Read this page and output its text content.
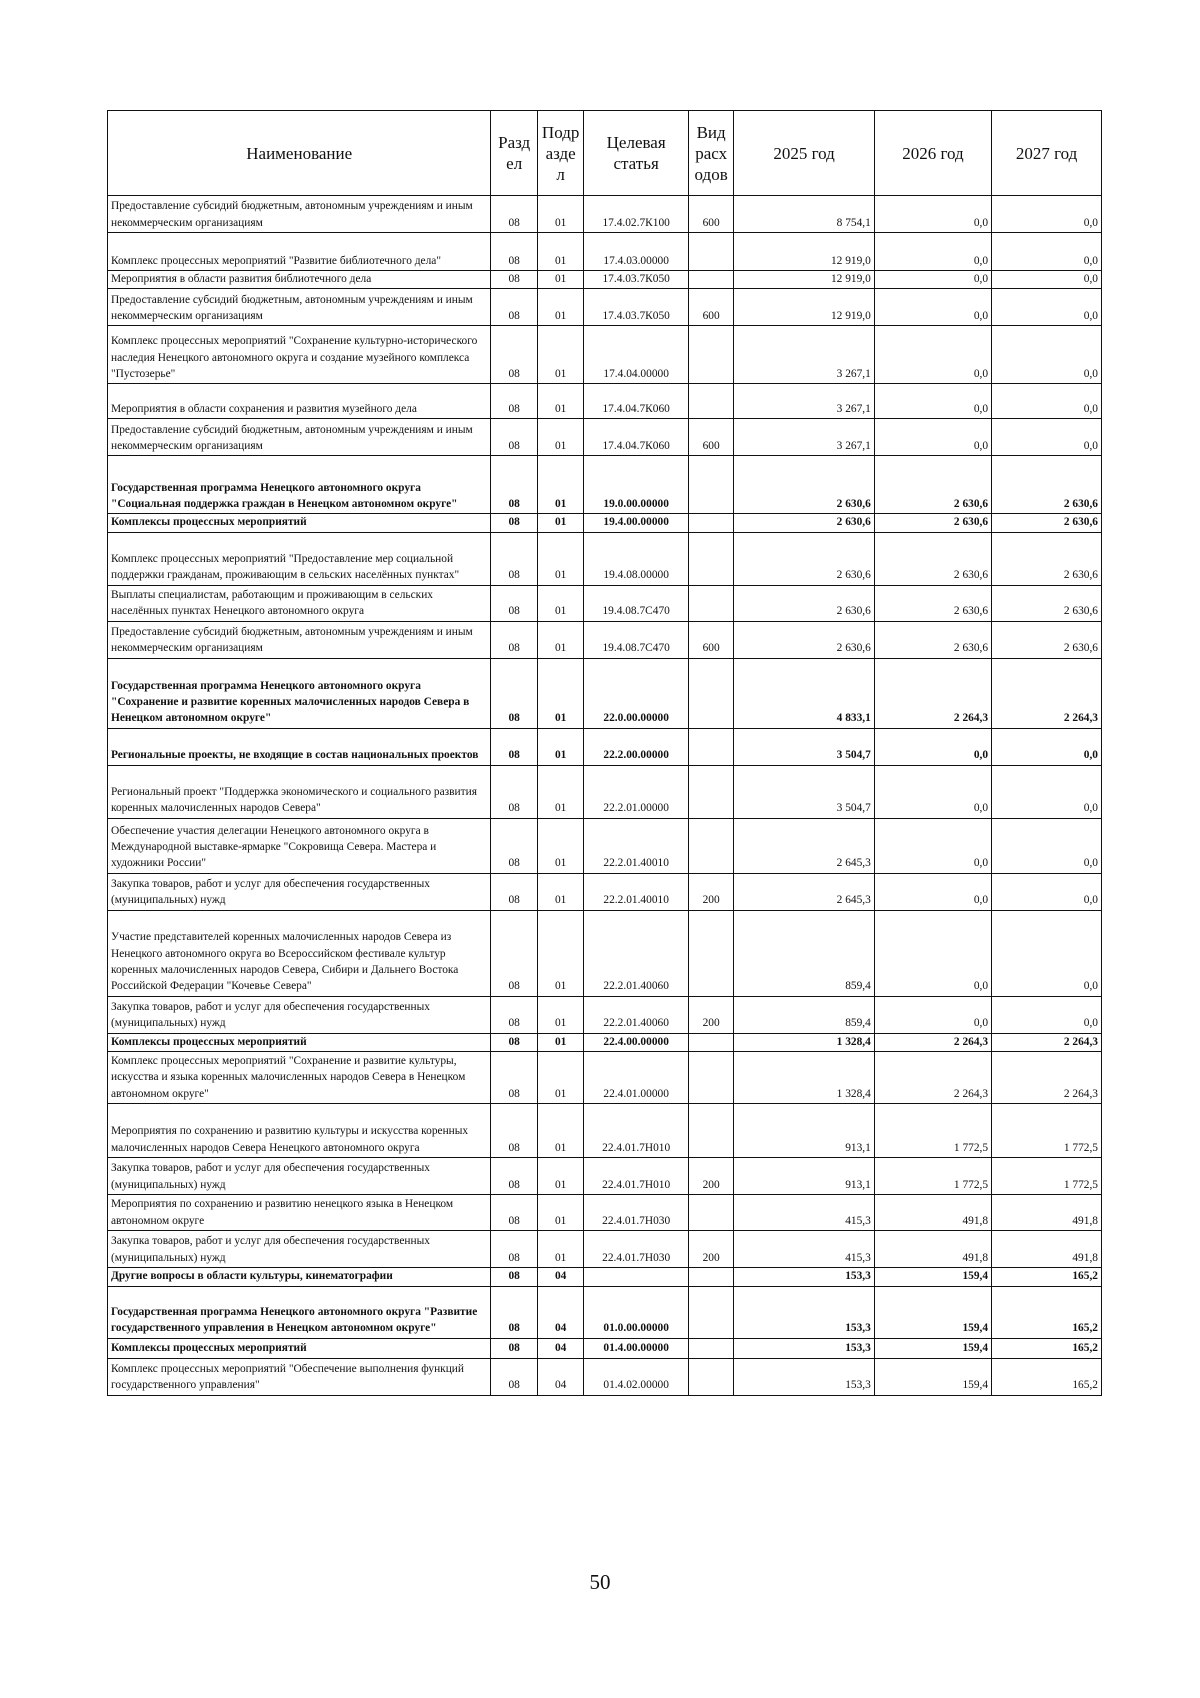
Наименование	Разд ел	Подр азде л	Целевая статья	Вид расх одов	2025 год	2026 год	2027 год
Предоставление субсидий бюджетным, автономным учреждениям и иным некоммерческим организациям	08	01	17.4.02.7К100	600	8 754,1	0,0	0,0
Комплекс процессных мероприятий "Развитие библиотечного дела"	08	01	17.4.03.00000		12 919,0	0,0	0,0
Мероприятия в области развития библиотечного дела	08	01	17.4.03.7К050		12 919,0	0,0	0,0
Предоставление субсидий бюджетным, автономным учреждениям и иным некоммерческим организациям	08	01	17.4.03.7К050	600	12 919,0	0,0	0,0
Комплекс процессных мероприятий "Сохранение культурно-исторического наследия Ненецкого автономного округа и создание музейного комплекса "Пустозерье"	08	01	17.4.04.00000		3 267,1	0,0	0,0
Мероприятия в области сохранения и развития музейного дела	08	01	17.4.04.7К060		3 267,1	0,0	0,0
Предоставление субсидий бюджетным, автономным учреждениям и иным некоммерческим организациям	08	01	17.4.04.7К060	600	3 267,1	0,0	0,0
Государственная программа Ненецкого автономного округа "Социальная поддержка граждан в Ненецком автономном округе"	08	01	19.0.00.00000		2 630,6	2 630,6	2 630,6
Комплексы процессных мероприятий	08	01	19.4.00.00000		2 630,6	2 630,6	2 630,6
Комплекс процессных мероприятий "Предоставление мер социальной поддержки гражданам, проживающим в сельских населённых пунктах"	08	01	19.4.08.00000		2 630,6	2 630,6	2 630,6
Выплаты специалистам, работающим и проживающим в сельских населённых пунктах Ненецкого автономного округа	08	01	19.4.08.7С470		2 630,6	2 630,6	2 630,6
Предоставление субсидий бюджетным, автономным учреждениям и иным некоммерческим организациям	08	01	19.4.08.7С470	600	2 630,6	2 630,6	2 630,6
Государственная программа Ненецкого автономного округа "Сохранение и развитие коренных малочисленных народов Севера в Ненецком автономном округе"	08	01	22.0.00.00000		4 833,1	2 264,3	2 264,3
Региональные проекты, не входящие в состав национальных проектов	08	01	22.2.00.00000		3 504,7	0,0	0,0
Региональный проект "Поддержка экономического и социального развития коренных малочисленных народов Севера"	08	01	22.2.01.00000		3 504,7	0,0	0,0
Обеспечение участия делегации Ненецкого автономного округа в Международной выставке-ярмарке "Сокровища Севера. Мастера и художники России"	08	01	22.2.01.40010		2 645,3	0,0	0,0
Закупка товаров, работ и услуг для обеспечения государственных (муниципальных) нужд	08	01	22.2.01.40010	200	2 645,3	0,0	0,0
Участие представителей коренных малочисленных народов Севера из Ненецкого автономного округа во Всероссийском фестивале культур коренных малочисленных народов Севера, Сибири и Дальнего Востока Российской Федерации "Кочевье Севера"	08	01	22.2.01.40060		859,4	0,0	0,0
Закупка товаров, работ и услуг для обеспечения государственных (муниципальных) нужд	08	01	22.2.01.40060	200	859,4	0,0	0,0
Комплексы процессных мероприятий	08	01	22.4.00.00000		1 328,4	2 264,3	2 264,3
Комплекс процессных мероприятий "Сохранение и развитие культуры, искусства и языка коренных малочисленных народов Севера в Ненецком автономном округе"	08	01	22.4.01.00000		1 328,4	2 264,3	2 264,3
Мероприятия по сохранению и развитию культуры и искусства коренных малочисленных народов Севера Ненецкого автономного округа	08	01	22.4.01.7Н010		913,1	1 772,5	1 772,5
Закупка товаров, работ и услуг для обеспечения государственных (муниципальных) нужд	08	01	22.4.01.7Н010	200	913,1	1 772,5	1 772,5
Мероприятия по сохранению и развитию ненецкого языка в Ненецком автономном округе	08	01	22.4.01.7Н030		415,3	491,8	491,8
Закупка товаров, работ и услуг для обеспечения государственных (муниципальных) нужд	08	01	22.4.01.7Н030	200	415,3	491,8	491,8
Другие вопросы в области культуры, кинематографии	08	04			153,3	159,4	165,2
Государственная программа Ненецкого автономного округа "Развитие государственного управления в Ненецком автономном округе"	08	04	01.0.00.00000		153,3	159,4	165,2
Комплексы процессных мероприятий	08	04	01.4.00.00000		153,3	159,4	165,2
Комплекс процессных мероприятий "Обеспечение выполнения функций государственного управления"	08	04	01.4.02.00000		153,3	159,4	165,2
50
